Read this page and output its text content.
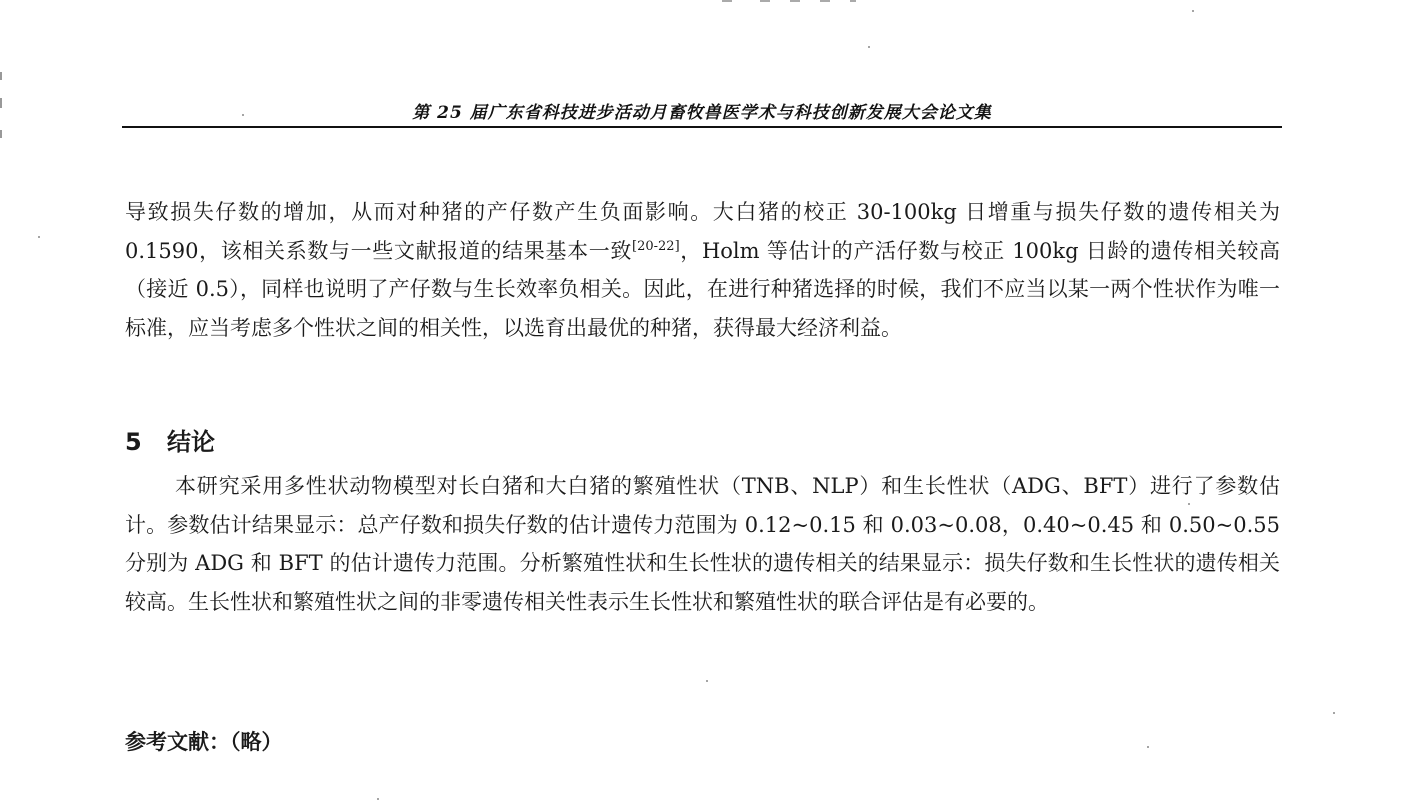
第 25 届广东省科技进步活动月畜牧兽医学术与科技创新发展大会论文集

导致损失仔数的增加，从而对种猪的产仔数产生负面影响。大白猪的校正 30-100kg 日增重与损失仔数的遗传相关为 0.1590，该相关系数与一些文献报道的结果基本一致[20-22]，Holm 等估计的产活仔数与校正 100kg 日龄的遗传相关较高（接近 0.5），同样也说明了产仔数与生长效率负相关。因此，在进行种猪选择的时候，我们不应当以某一两个性状作为唯一标准，应当考虑多个性状之间的相关性，以选育出最优的种猪，获得最大经济利益。

5 结论

本研究采用多性状动物模型对长白猪和大白猪的繁殖性状（TNB、NLP）和生长性状（ADG、BFT）进行了参数估计。参数估计结果显示：总产仔数和损失仔数的估计遗传力范围为 0.12~0.15 和 0.03~0.08，0.40~0.45 和 0.50~0.55 分别为 ADG 和 BFT 的估计遗传力范围。分析繁殖性状和生长性状的遗传相关的结果显示：损失仔数和生长性状的遗传相关较高。生长性状和繁殖性状之间的非零遗传相关性表示生长性状和繁殖性状的联合评估是有必要的。

参考文献：（略）
